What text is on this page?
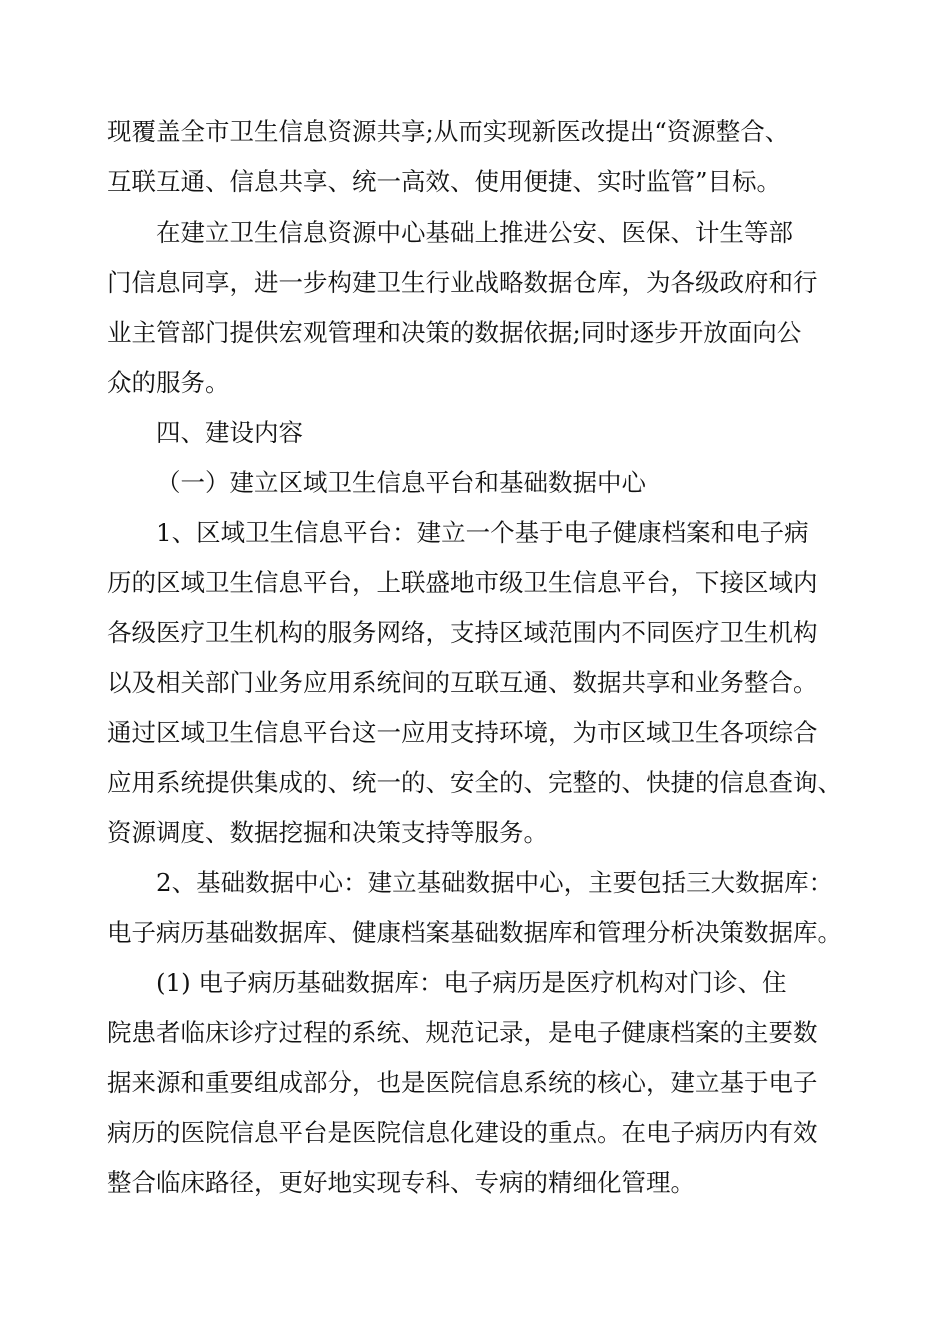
现覆盖全市卫生信息资源共享;从而实现新医改提出“资源整合、
互联互通、信息共享、统一高效、使用便捷、实时监管”目标。
在建立卫生信息资源中心基础上推进公安、医保、计生等部
门信息同享，进一步构建卫生行业战略数据仓库，为各级政府和行
业主管部门提供宏观管理和决策的数据依据;同时逐步开放面向公
众的服务。
四、建设内容
（一）建立区域卫生信息平台和基础数据中心
1、区域卫生信息平台：建立一个基于电子健康档案和电子病
历的区域卫生信息平台，上联盛地市级卫生信息平台，下接区域内
各级医疗卫生机构的服务网络，支持区域范围内不同医疗卫生机构
以及相关部门业务应用系统间的互联互通、数据共享和业务整合。
通过区域卫生信息平台这一应用支持环境，为市区域卫生各项综合
应用系统提供集成的、统一的、安全的、完整的、快捷的信息查询、
资源调度、数据挖掘和决策支持等服务。
2、基础数据中心：建立基础数据中心，主要包括三大数据库：
电子病历基础数据库、健康档案基础数据库和管理分析决策数据库。
(1) 电子病历基础数据库：电子病历是医疗机构对门诊、住
院患者临床诊疗过程的系统、规范记录，是电子健康档案的主要数
据来源和重要组成部分，也是医院信息系统的核心，建立基于电子
病历的医院信息平台是医院信息化建设的重点。在电子病历内有效
整合临床路径，更好地实现专科、专病的精细化管理。
